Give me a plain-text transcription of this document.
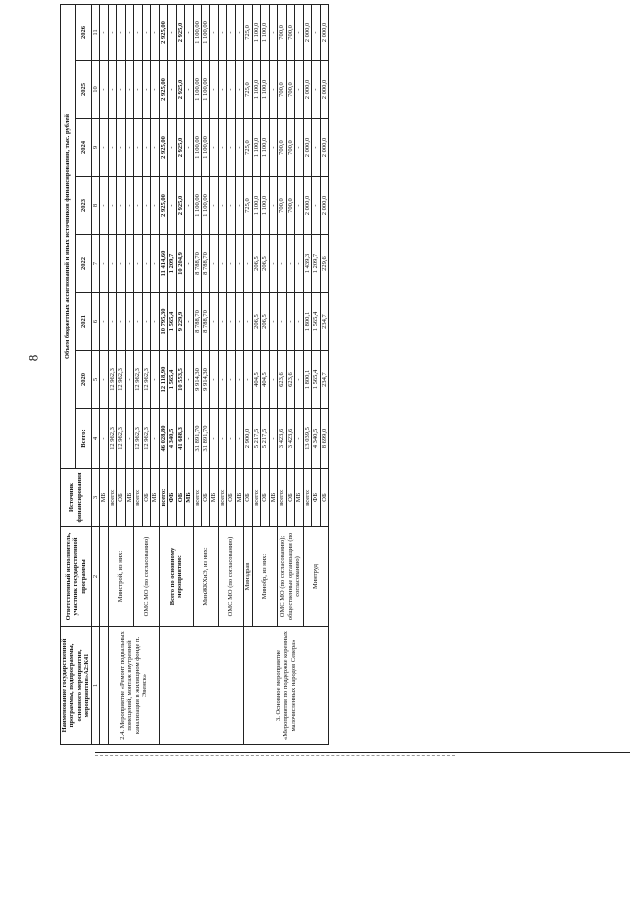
8
Наименование государственной программы, подпрограммы, основного мероприятия, мероприятия»А2:К41	Ответственный исполнитель, участник государственной программы	Источник финансирования	Объем бюджетных ассигнований и иных источников финансирования, тыс. рублей							
			Всего:	2020	2021	2022	2023	2024	2025	2026
1	2	3	4	5	6	7	8	9	10	11
		МБ	-	-	-	-	-	-	-	-
2.4. Мероприятие «Ремонт подвальных помещений, монтаж внутренней канализации в жилищном фонде п. Эвенск»	Минстрой, из них:	всего:	12 962,3	12 962,3	-	-	-	-	-	-
		ОБ	12 962,3	12 962,3	-	-	-	-	-	-
		МБ	-	-	-	-	-	-	-	-
	ОМС МО (по согласованию)	всего:	12 962,3	12 962,3	-	-	-	-	-	-
		ОБ	12 962,3	12 962,3	-	-	-	-	-	-
		МБ	-	-	-	-	-	-	-	-
	Всего по основному мероприятию:	всего:	46 028,80	12 118,90	10 795,30	11 414,60	2 925,00	2 925,00	2 925,00	2 925,00
		ФБ	4 340,5	1 565,4	1 565,4	1 209,7	-	-	-	-
		ОБ	41 688,3	10 553,5	9 229,9	10 204,9	2 925,0	2 925,0	2 925,0	2 925,0
		МБ	-	-	-	-	-	-	-	-
	МинЖКХиЭ, из них:	всего:	31 891,70	9 914,30	8 788,70	8 788,70	1 100,00	1 100,00	1 100,00	1 100,00
		ОБ	31 891,70	9 914,30	8 788,70	8 788,70	1 100,00	1 100,00	1 100,00	1 100,00
		МБ	-	-	-	-	-	-	-	-
	ОМС МО (по согласованию)	всего:	-	-	-	-	-	-	-	-
		ОБ	-	-	-	-	-	-	-	-
		МБ	-	-	-	-	-	-	-	-
3. Основное мероприятие «Мероприятия по поддержке коренных малочисленных народов Севера»	Минздрав	ОБ	2 900,0	-	-	-	725,0	725,0	725,0	725,0
	Минобр, из них:	всего:	5 217,5	404,5	206,5	206,5	1 100,0	1 100,0	1 100,0	1 100,0
		ОБ	5 217,5	404,5	206,5	206,5	1 100,0	1 100,0	1 100,0	1 100,0
		МБ	-	-	-	-	-	-	-	-
	ОМС МО (по согласованию); общественные организации (по согласованию)	всего:	3 423,6	623,6	-	-	700,0	700,0	700,0	700,0
		ОБ	3 423,6	623,6	-	-	700,0	700,0	700,0	700,0
		МБ	-	-	-	-	-	-	-	-
	Минтруд	всего:	13 039,5	1 800,1	1 800,1	1 439,3	2 000,0	2 000,0	2 000,0	2 000,0
		ФБ	4 340,5	1 565,4	1 565,4	1 209,7	-	-	-	-
		ОБ	8 699,0	234,7	234,7	229,6	2 000,0	2 000,0	2 000,0	2 000,0
